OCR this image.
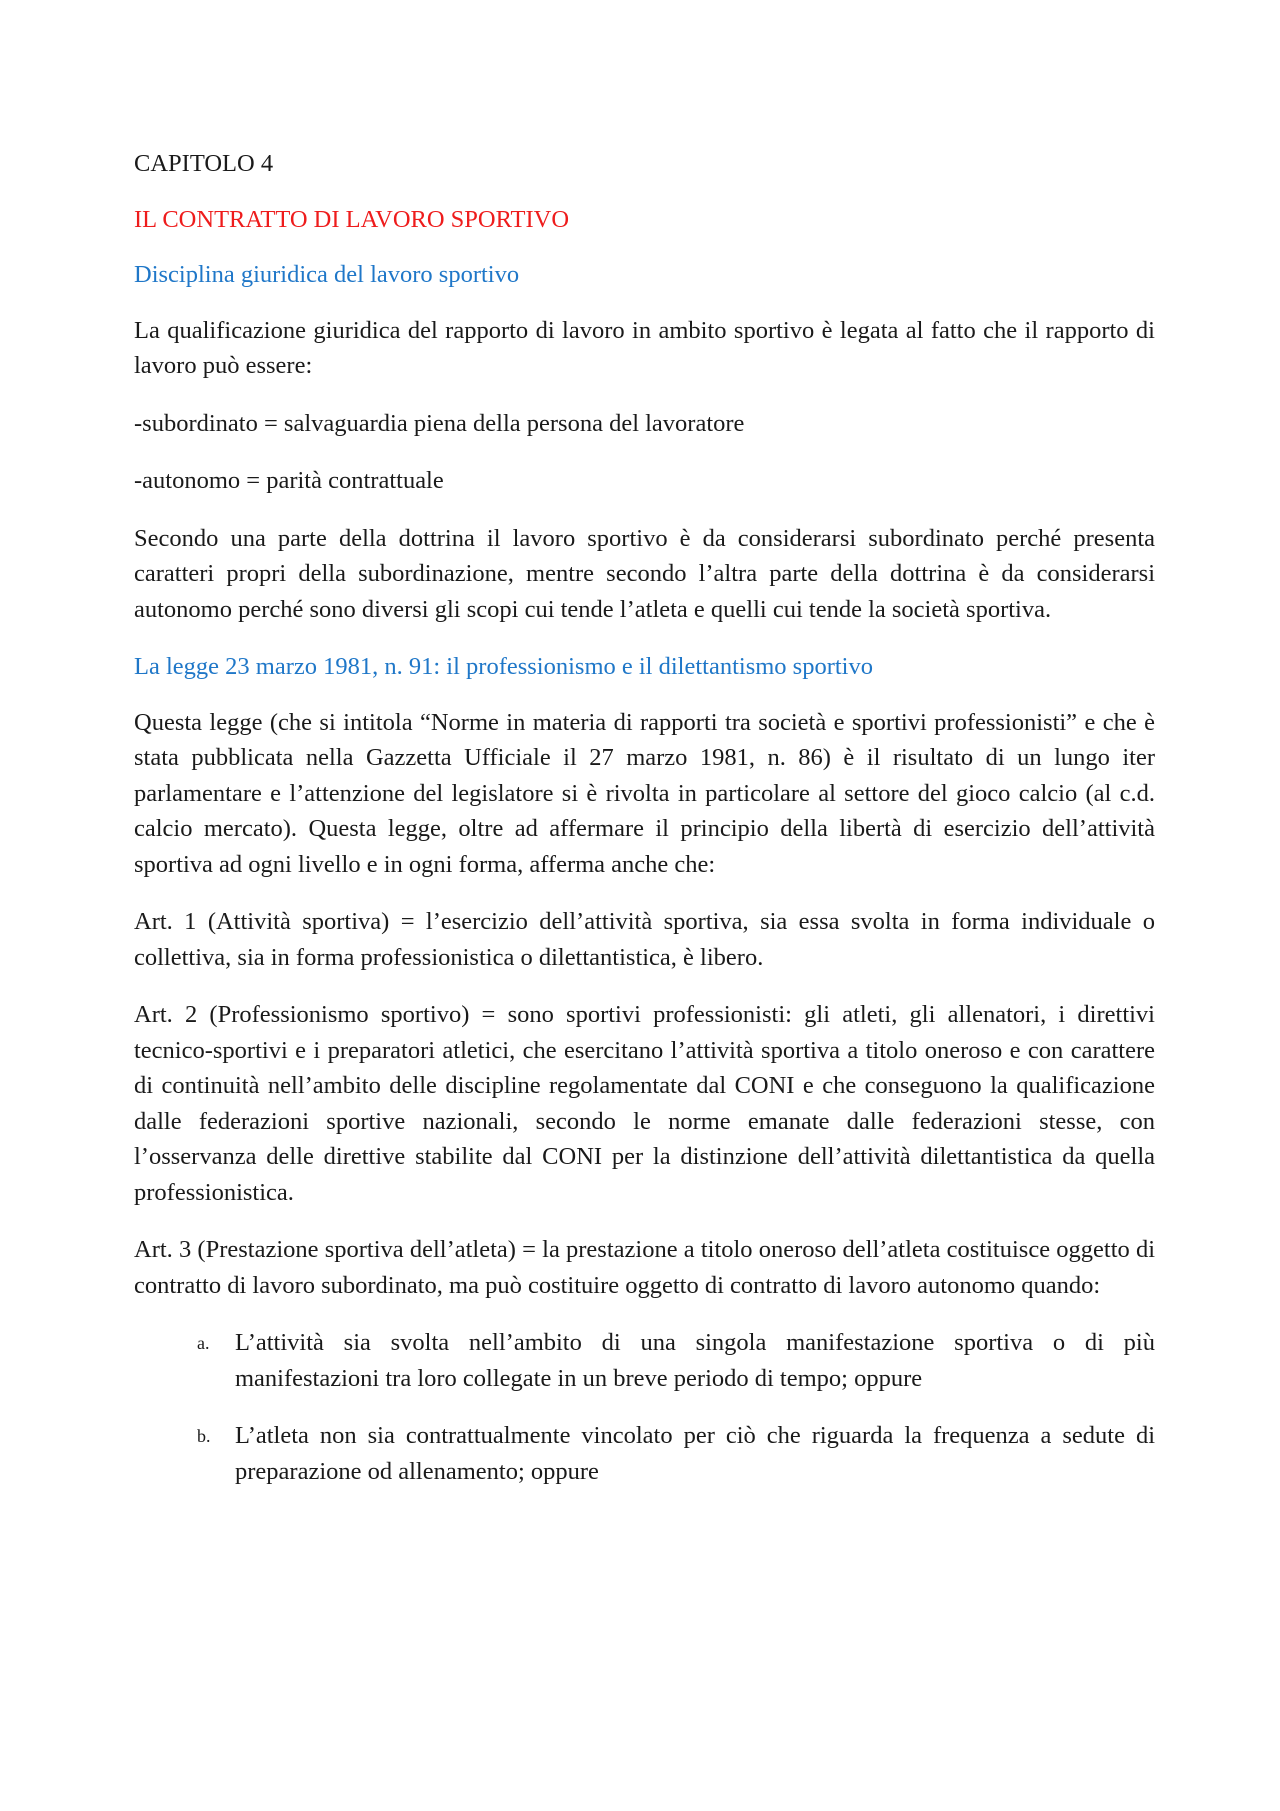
CAPITOLO 4

IL CONTRATTO DI LAVORO SPORTIVO

Disciplina giuridica del lavoro sportivo

La qualificazione giuridica del rapporto di lavoro in ambito sportivo è legata al fatto che il rapporto di lavoro può essere:

-subordinato = salvaguardia piena della persona del lavoratore

-autonomo = parità contrattuale

Secondo una parte della dottrina il lavoro sportivo è da considerarsi subordinato perché presenta caratteri propri della subordinazione, mentre secondo l’altra parte della dottrina è da considerarsi autonomo perché sono diversi gli scopi cui tende l’atleta e quelli cui tende la società sportiva.

La legge 23 marzo 1981, n. 91: il professionismo e il dilettantismo sportivo

Questa legge (che si intitola “Norme in materia di rapporti tra società e sportivi professionisti” e che è stata pubblicata nella Gazzetta Ufficiale il 27 marzo 1981, n. 86) è il risultato di un lungo iter parlamentare e l’attenzione del legislatore si è rivolta in particolare al settore del gioco calcio (al c.d. calcio mercato). Questa legge, oltre ad affermare il principio della libertà di esercizio dell’attività sportiva ad ogni livello e in ogni forma, afferma anche che:

Art. 1 (Attività sportiva) = l’esercizio dell’attività sportiva, sia essa svolta in forma individuale o collettiva, sia in forma professionistica o dilettantistica, è libero.

Art. 2 (Professionismo sportivo) = sono sportivi professionisti: gli atleti, gli allenatori, i direttivi tecnico-sportivi e i preparatori atletici, che esercitano l’attività sportiva a titolo oneroso e con carattere di continuità nell’ambito delle discipline regolamentate dal CONI e che conseguono la qualificazione dalle federazioni sportive nazionali, secondo le norme emanate dalle federazioni stesse, con l’osservanza delle direttive stabilite dal CONI per la distinzione dell’attività dilettantistica da quella professionistica.

Art. 3 (Prestazione sportiva dell’atleta) = la prestazione a titolo oneroso dell’atleta costituisce oggetto di contratto di lavoro subordinato, ma può costituire oggetto di contratto di lavoro autonomo quando:

a. L’attività sia svolta nell’ambito di una singola manifestazione sportiva o di più manifestazioni tra loro collegate in un breve periodo di tempo; oppure
b. L’atleta non sia contrattualmente vincolato per ciò che riguarda la frequenza a sedute di preparazione od allenamento; oppure
